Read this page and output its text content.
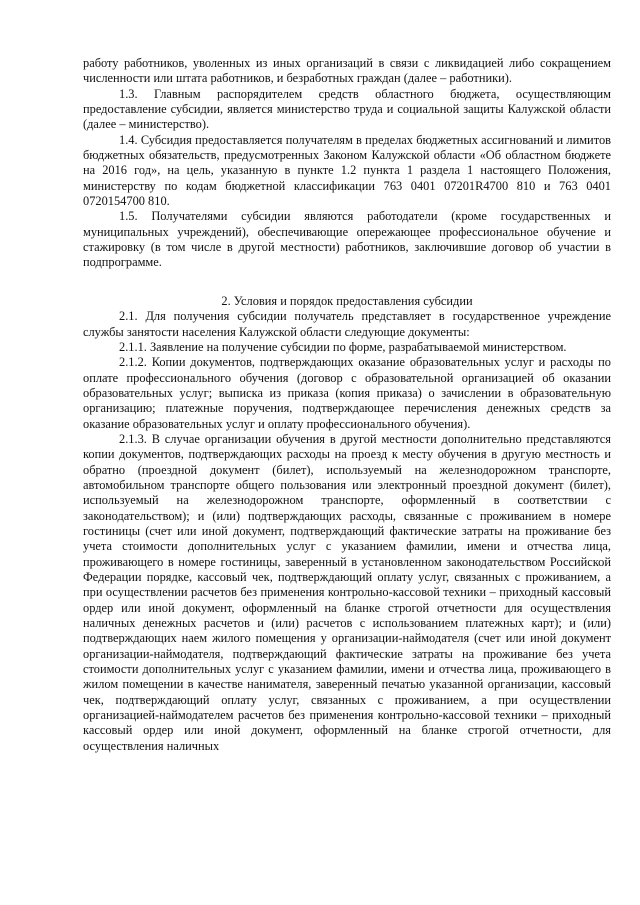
работу работников, уволенных из иных организаций в связи с ликвидацией либо сокращением численности или штата работников, и безработных граждан (далее – работники).

1.3. Главным распорядителем средств областного бюджета, осуществляющим предоставление субсидии, является министерство труда и социальной защиты Калужской области (далее – министерство).

1.4. Субсидия предоставляется получателям в пределах бюджетных ассигнований и лимитов бюджетных обязательств, предусмотренных Законом Калужской области «Об областном бюджете на 2016 год», на цель, указанную в пункте 1.2 пункта 1 раздела 1 настоящего Положения, министерству по кодам бюджетной классификации 763 0401 07201R4700 810 и 763 0401 0720154700 810.

1.5. Получателями субсидии являются работодатели (кроме государственных и муниципальных учреждений), обеспечивающие опережающее профессиональное обучение и стажировку (в том числе в другой местности) работников, заключившие договор об участии в подпрограмме.

2. Условия и порядок предоставления субсидии

2.1. Для получения субсидии получатель представляет в государственное учреждение службы занятости населения Калужской области следующие документы:

2.1.1. Заявление на получение субсидии по форме, разрабатываемой министерством.

2.1.2. Копии документов, подтверждающих оказание образовательных услуг и расходы по оплате профессионального обучения (договор с образовательной организацией об оказании образовательных услуг; выписка из приказа (копия приказа) о зачислении в образовательную организацию; платежные поручения, подтверждающее перечисления денежных средств за оказание образовательных услуг и оплату профессионального обучения).

2.1.3. В случае организации обучения в другой местности дополнительно представляются копии документов, подтверждающих расходы на проезд к месту обучения в другую местность и обратно (проездной документ (билет), используемый на железнодорожном транспорте, автомобильном транспорте общего пользования или электронный проездной документ (билет), используемый на железнодорожном транспорте, оформленный в соответствии с законодательством); и (или) подтверждающих расходы, связанные с проживанием в номере гостиницы (счет или иной документ, подтверждающий фактические затраты на проживание без учета стоимости дополнительных услуг с указанием фамилии, имени и отчества лица, проживающего в номере гостиницы, заверенный в установленном законодательством Российской Федерации порядке, кассовый чек, подтверждающий оплату услуг, связанных с проживанием, а при осуществлении расчетов без применения контрольно-кассовой техники – приходный кассовый ордер или иной документ, оформленный на бланке строгой отчетности для осуществления наличных денежных расчетов и (или) расчетов с использованием платежных карт); и (или) подтверждающих наем жилого помещения у организации-наймодателя (счет или иной документ организации-наймодателя, подтверждающий фактические затраты на проживание без учета стоимости дополнительных услуг с указанием фамилии, имени и отчества лица, проживающего в жилом помещении в качестве нанимателя, заверенный печатью указанной организации, кассовый чек, подтверждающий оплату услуг, связанных с проживанием, а при осуществлении организацией-наймодателем расчетов без применения контрольно-кассовой техники – приходный кассовый ордер или иной документ, оформленный на бланке строгой отчетности, для осуществления наличных
